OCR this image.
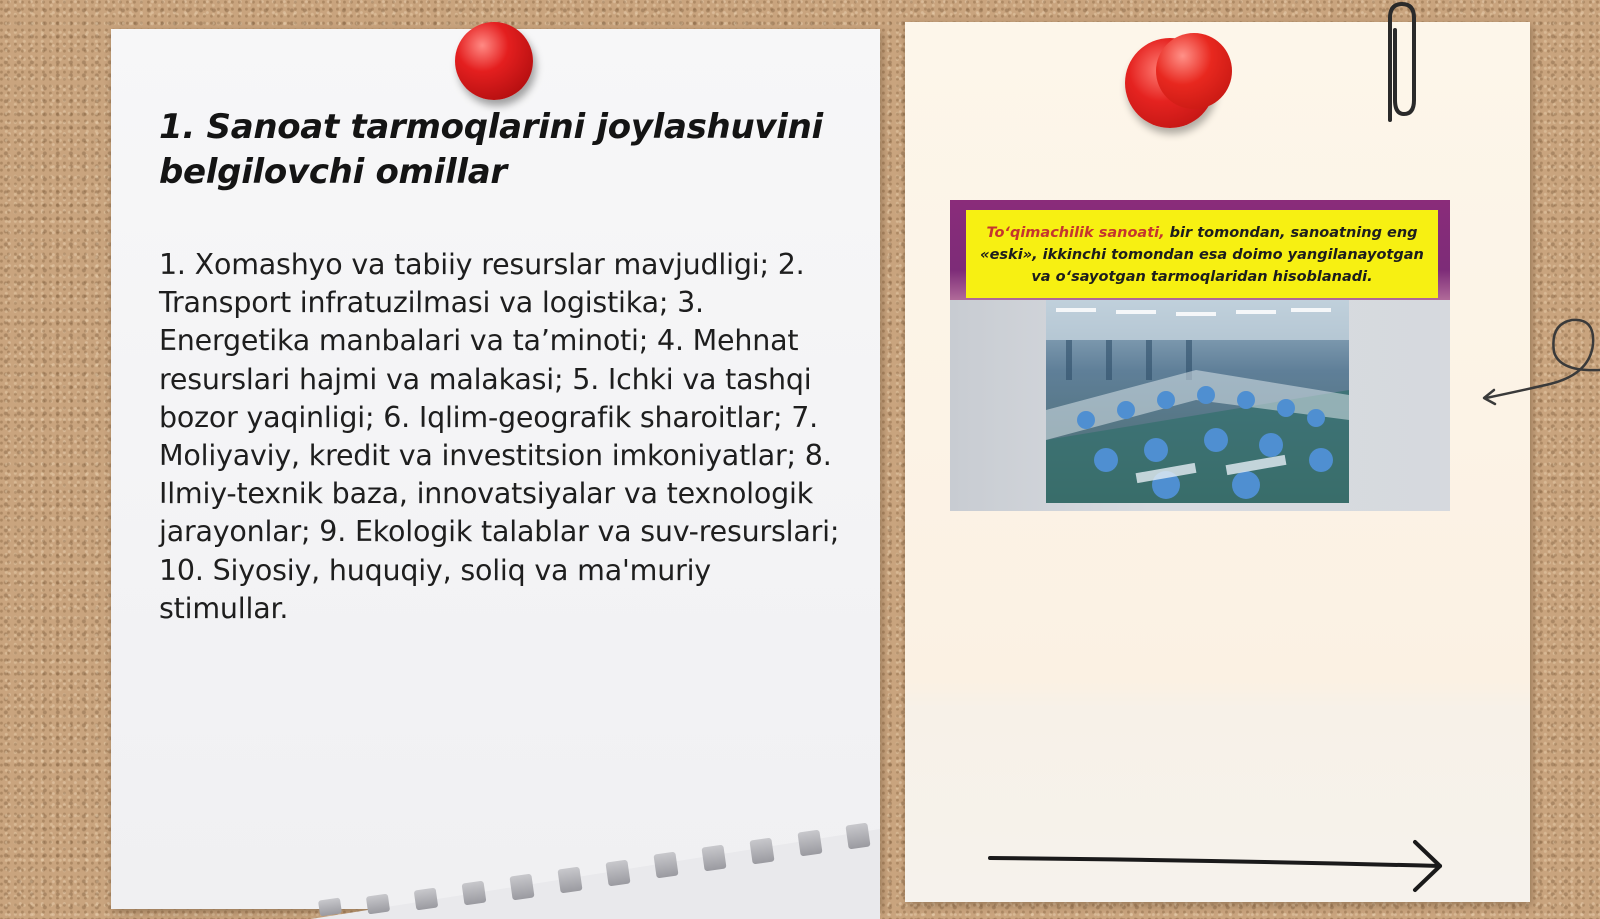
1. Sanoat tarmoqlarini joylashuvini belgilovchi omillar

1. Xomashyo va tabiiy resurslar mavjudligi; 2. Transport infratuzilmasi va logistika; 3. Energetika manbalari va ta’minoti; 4. Mehnat resurslari hajmi va malakasi; 5. Ichki va tashqi bozor yaqinligi; 6. Iqlim-geografik sharoitlar; 7. Moliyaviy, kredit va investitsion imkoniyatlar; 8. Ilmiy-texnik baza, innovatsiyalar va texnologik jarayonlar; 9. Ekologik talablar va suv-resurslari; 10. Siyosiy, huquqiy, soliq va ma'muriy stimullar.

To‘qimachilik sanoati, bir tomondan, sanoatning eng «eski», ikkinchi tomondan esa doimo yangilanayotgan va o‘sayotgan tarmoqlaridan hisoblanadi.
